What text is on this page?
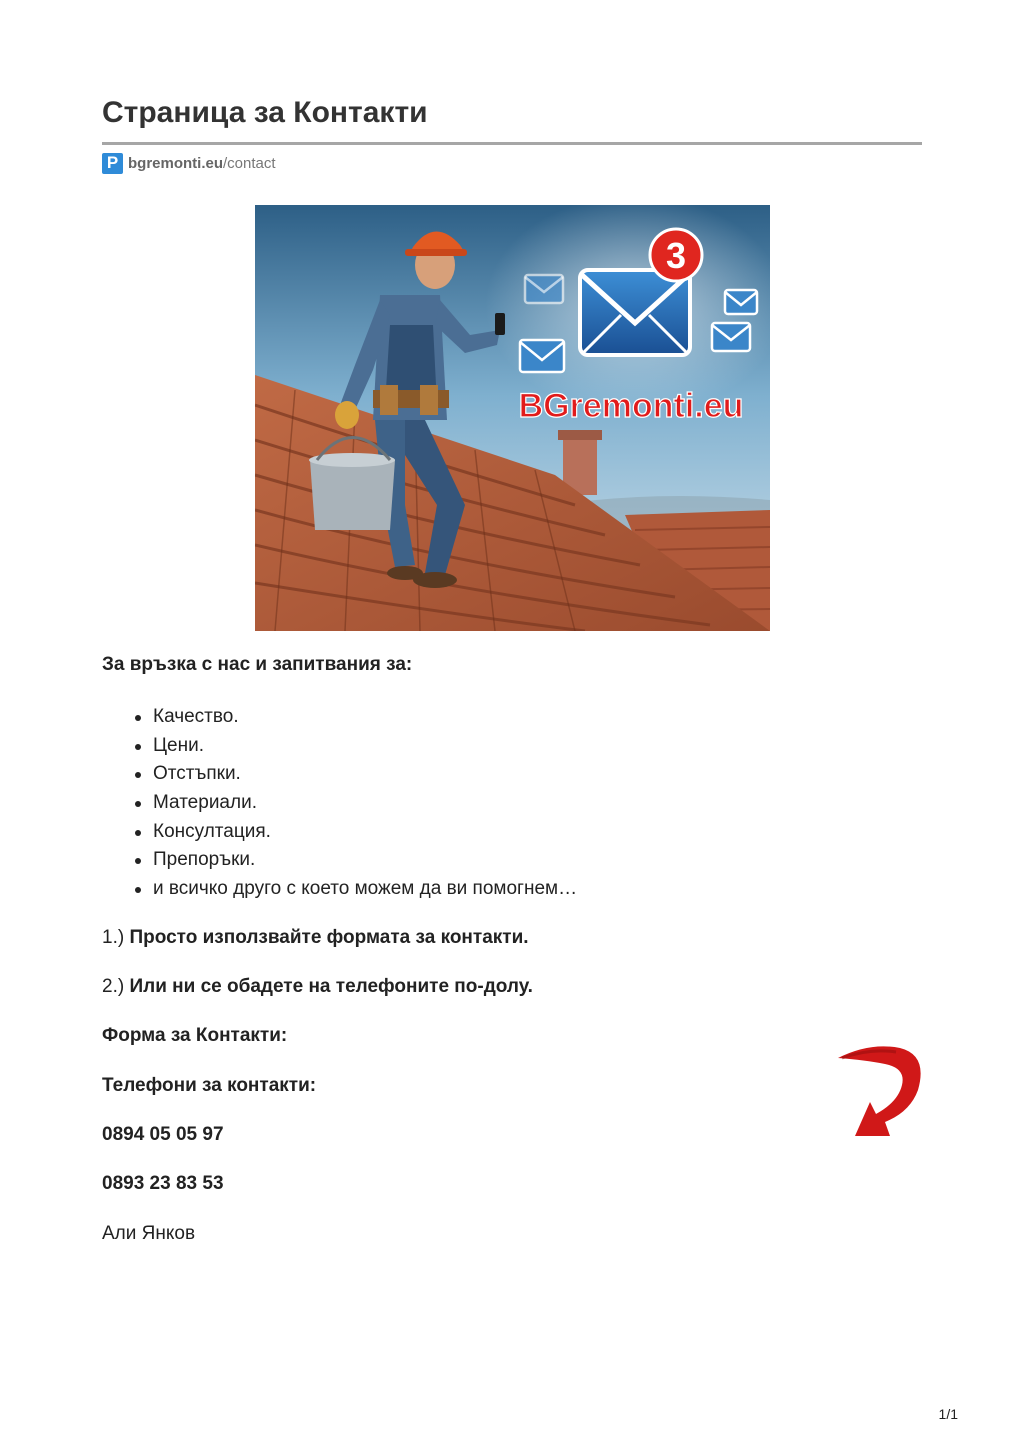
Страница за Контакти
P bgremonti.eu /contact
3
BGremonti.eu

За връзка с нас и запитвания за:

Качество.
Цени.
Отстъпки.
Материали.
Консултация.
Препоръки.
и всичко друго с което можем да ви помогнем…

1.) Просто използвайте формата за контакти.

2.) Или ни се обадете на телефоните по-долу.

Форма за Контакти:

Телефони за контакти:

0894 05 05 97

0893 23 83 53

Али Янков

1/1
